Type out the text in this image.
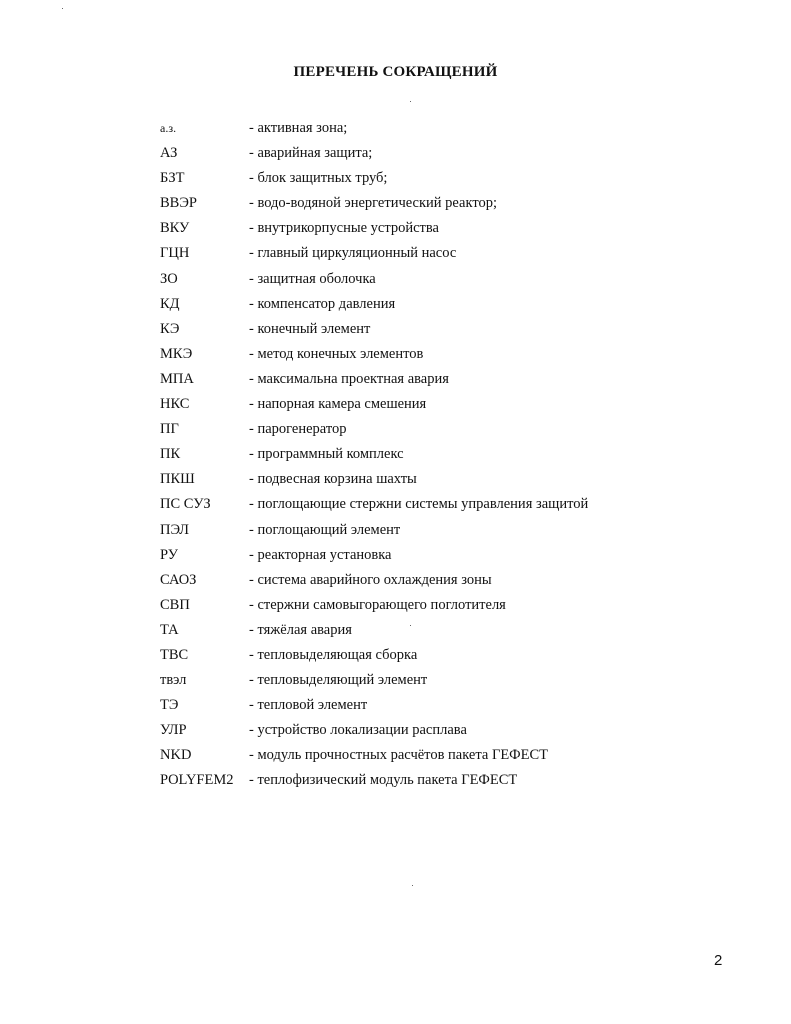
ПЕРЕЧЕНЬ СОКРАЩЕНИЙ
а.з.	- активная зона;
АЗ	- аварийная защита;
БЗТ	- блок защитных труб;
ВВЭР	- водо-водяной энергетический реактор;
ВКУ	- внутрикорпусные устройства
ГЦН	- главный циркуляционный насос
ЗО	- защитная оболочка
КД	- компенсатор давления
КЭ	- конечный элемент
МКЭ	- метод конечных элементов
МПА	- максимальна проектная авария
НКС	- напорная камера смешения
ПГ	- парогенератор
ПК	- программный комплекс
ПКШ	- подвесная корзина шахты
ПС СУЗ	- поглощающие стержни системы управления защитой
ПЭЛ	- поглощающий элемент
РУ	- реакторная установка
САОЗ	- система аварийного охлаждения зоны
СВП	- стержни самовыгорающего поглотителя
ТА	- тяжёлая авария
ТВС	- тепловыделяющая сборка
твэл	- тепловыделяющий элемент
ТЭ	- тепловой элемент
УЛР	- устройство локализации расплава
NKD	- модуль прочностных расчётов пакета ГЕФЕСТ
POLYFEM2 - теплофизический модуль пакета ГЕФЕСТ
2
